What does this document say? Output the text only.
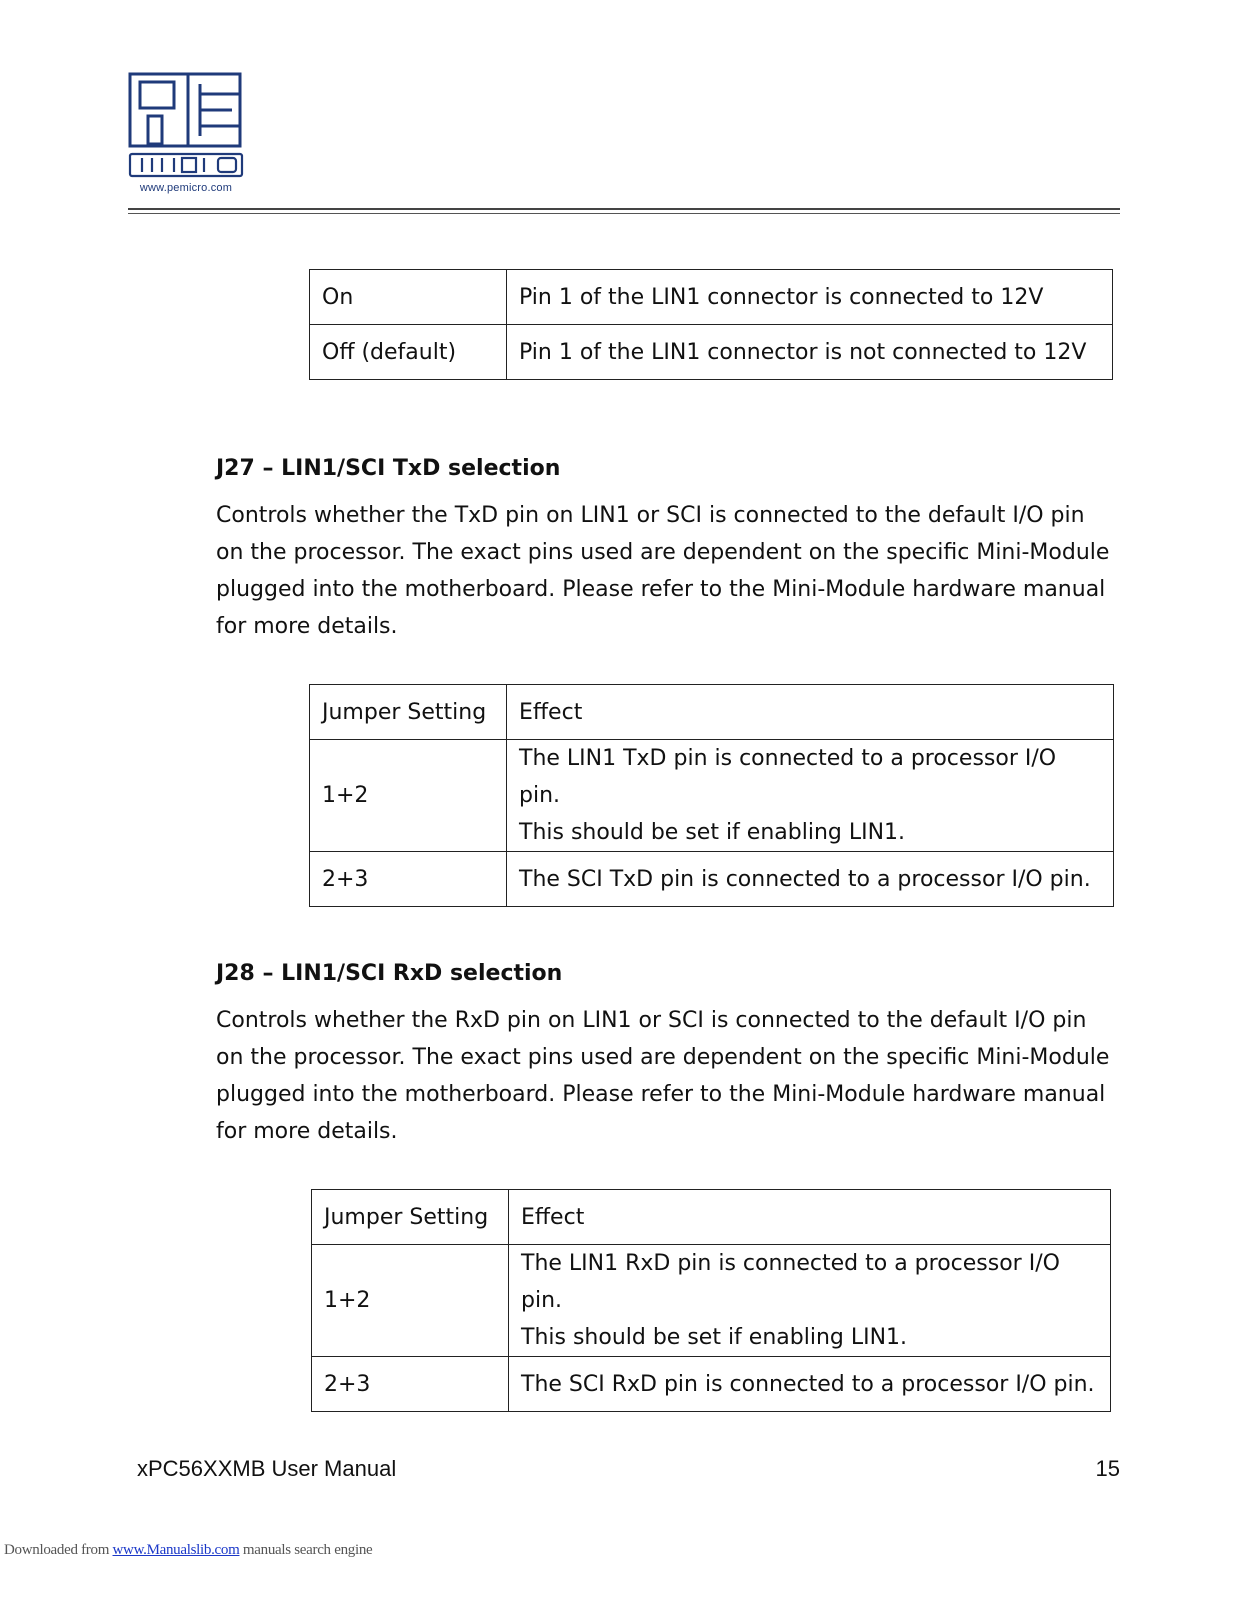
www.pemicro.com
On	Pin 1 of the LIN1 connector is connected to 12V
Off (default)	Pin 1 of the LIN1 connector is not connected to 12V
J27 – LIN1/SCI TxD selection
Controls whether the TxD pin on LIN1 or SCI is connected to the default I/O pin on the processor. The exact pins used are dependent on the specific Mini-Module plugged into the motherboard. Please refer to the Mini-Module hardware manual for more details.
Jumper Setting	Effect
1+2	The LIN1 TxD pin is connected to a processor I/O pin.
This should be set if enabling LIN1.

2+3	The SCI TxD pin is connected to a processor I/O pin.
J28 – LIN1/SCI RxD selection
Controls whether the RxD pin on LIN1 or SCI is connected to the default I/O pin on the processor. The exact pins used are dependent on the specific Mini-Module plugged into the motherboard. Please refer to the Mini-Module hardware manual for more details.
Jumper Setting	Effect
1+2	The LIN1 RxD pin is connected to a processor I/O pin.
This should be set if enabling LIN1.

2+3	The SCI RxD pin is connected to a processor I/O pin.
xPC56XXMB User Manual	15
Downloaded from www.Manualslib.com manuals search engine
